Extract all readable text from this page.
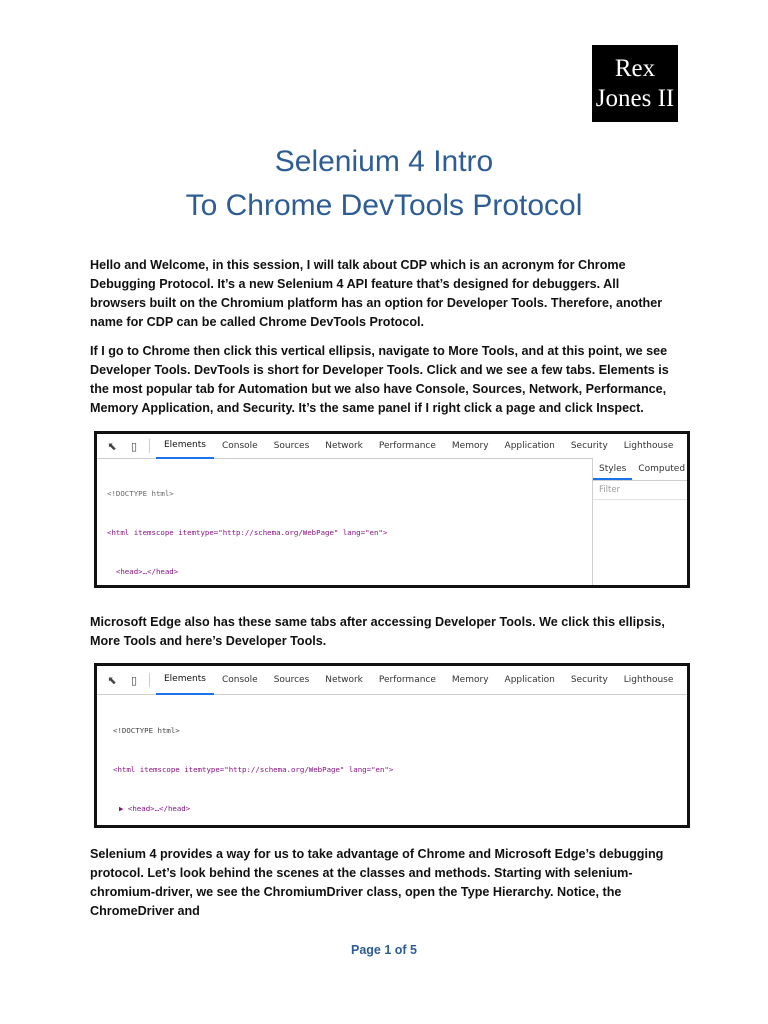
Rex
Jones II
Selenium 4 Intro
To Chrome DevTools Protocol

Hello and Welcome, in this session, I will talk about CDP which is an acronym for Chrome Debugging Protocol. It’s a new Selenium 4 API feature that’s designed for debuggers. All browsers built on the Chromium platform has an option for Developer Tools. Therefore, another name for CDP can be called Chrome DevTools Protocol.

If I go to Chrome then click this vertical ellipsis, navigate to More Tools, and at this point, we see Developer Tools. DevTools is short for Developer Tools. Click and we see a few tabs. Elements is the most popular tab for Automation but we also have Console, Sources, Network, Performance, Memory Application, and Security. It’s the same panel if I right click a page and click Inspect.

⬉	▯	Elements	Console	Sources	Network	Performance	Memory	Application	Security	Lighthouse

<!DOCTYPE html>

<html itemscope itemtype="http://schema.org/WebPage" lang="en">

<head>…</head>

Styles	Computed
Filter

Microsoft Edge also has these same tabs after accessing Developer Tools. We click this ellipsis, More Tools and here’s Developer Tools.

⬉	▯	Elements	Console	Sources	Network	Performance	Memory	Application	Security	Lighthouse

<!DOCTYPE html>

<html itemscope itemtype="http://schema.org/WebPage" lang="en">

▶ <head>…</head>

Selenium 4 provides a way for us to take advantage of Chrome and Microsoft Edge’s debugging protocol. Let’s look behind the scenes at the classes and methods. Starting with selenium-chromium-driver, we see the ChromiumDriver class, open the Type Hierarchy. Notice, the ChromeDriver and

Page 1 of 5
